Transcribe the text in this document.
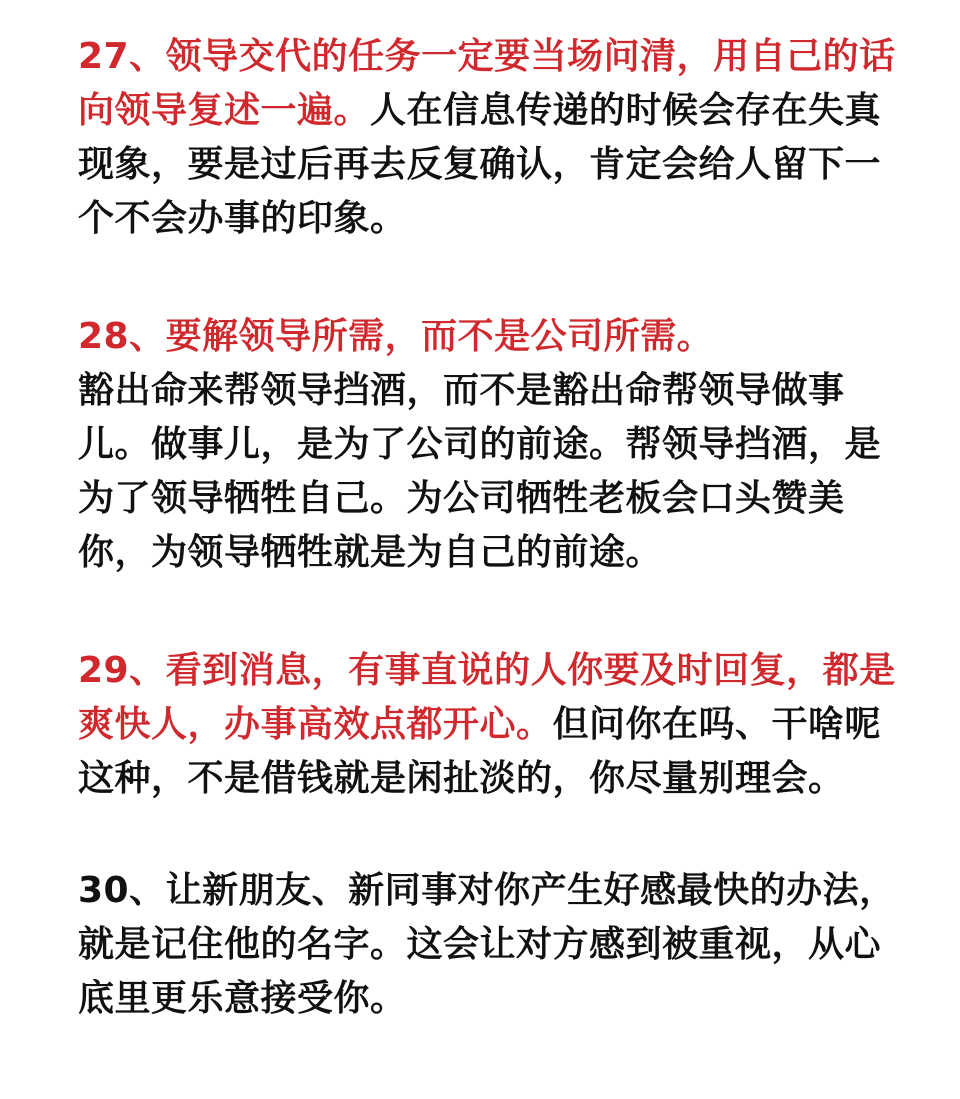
27、领导交代的任务一定要当场问清，用自己的话向领导复述一遍。人在信息传递的时候会存在失真现象，要是过后再去反复确认，肯定会给人留下一个不会办事的印象。

28、要解领导所需，而不是公司所需。
豁出命来帮领导挡酒，而不是豁出命帮领导做事儿。做事儿，是为了公司的前途。帮领导挡酒，是为了领导牺牲自己。为公司牺牲老板会口头赞美你，为领导牺牲就是为自己的前途。

29、看到消息，有事直说的人你要及时回复，都是爽快人，办事高效点都开心。但问你在吗、干啥呢这种，不是借钱就是闲扯淡的，你尽量别理会。

30、让新朋友、新同事对你产生好感最快的办法，就是记住他的名字。这会让对方感到被重视，从心底里更乐意接受你。
